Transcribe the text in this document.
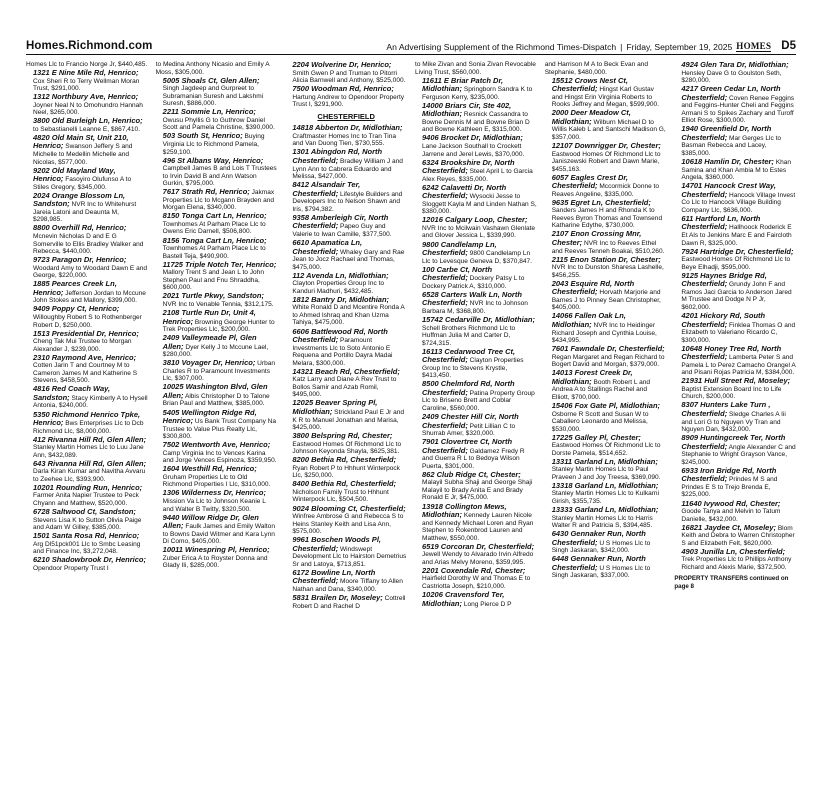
Homes.Richmond.com	An Advertising Supplement of the Richmond Times-Dispatch | Friday, September 19, 2025 HOMES D5
Homes Llc to Francio Norge Jr, $440,485.
1321 E Nine Mile Rd, Henrico; Cox Sheri R to Terry Wellman Moran Trust, $291,000.
1312 Northbury Ave, Henrico; Joyner Neal N to Omohundro Hannah Neel, $265,000.
3800 Old Burleigh Ln, Henrico; to Sebastianelli Leanne E, $867,410.
4820 Old Main St, Unit 210, Henrico; Swanson Jeffery S and Michelle to Medellin Michelle and Nicolas, $577,000.
9202 Old Mayland Way, Henrico; Fasoyiro Olufunso A to Stiles Gregory, $345,000.
2024 Orange Blossom Ln, Sandston; NVR Inc to Whitehurst Jareia Latoni and Deaunta M, $298,985.
8800 Overhill Rd, Henrico; Mcnevin Nicholas D and E G Somerville to Ellis Bradley Walker and Rebecca, $440,000.
9723 Paragon Dr, Henrico; Woodard Amy to Woodard Dawn E and George, $220,000.
1885 Pearces Creek Ln, Henrico; Jefferson Jordan to Mccune John Stokes and Mallory, $399,000.
9409 Poppy Ct, Henrico; Willoughby Robert S to Rothenberger Robert D, $250,000.
1513 Presidential Dr, Henrico; Cheng Tak Mui Trustee to Morgan Alexander J, $239,000.
2310 Raymond Ave, Henrico; Cotten Jarin T and Courtney M to Cameron James M and Katherine S Stevens, $458,500.
4816 Red Coach Way, Sandston; Stacy Kimberly A to Hysell Antonia, $240,000.
5350 Richmond Henrico Tpke, Henrico; Bws Enterprises Llc to Dcb Richmond Llc, $8,000,000.
412 Rivanna Hill Rd, Glen Allen; Stanley Martin Homes Llc to Luu Jane Ann, $432,089.
643 Rivanna Hill Rd, Glen Allen; Darla Kiran Kumar and Navitha Avvaru to Zeehee Llc, $393,900.
10201 Rounding Run, Henrico; Farmer Anita Napier Trustee to Peck Chyann and Matthew, $520,000.
6728 Saltwood Ct, Sandston; Stevens Lisa K to Sutton Olivia Paige and Adam W Gilley, $385,000.
1501 Santa Rosa Rd, Henrico; Arg Dl51pck001 Llc to Smbc Leasing and Finance Inc, $3,272,048.
6210 Shadowbrook Dr, Henrico; Opendoor Property Trust I
to Medina Anthony Nicasio and Emily A Moss, $305,000.
5005 Shoals Ct, Glen Allen; Singh Jagdeep and Gurpreet to Subramanian Suresh and Lakshmi Suresh, $886,000.
2211 Sommie Ln, Henrico; Owusu Phyllis G to Guthrow Daniel Scott and Pamela Christine, $390,000.
503 South St, Henrico; Buying Virginia Llc to Richmond Pamela, $259,100.
496 St Albans Way, Henrico; Campbell James B and Lois T Trustees to Irvin David B and Ann Watson Gurkin, $795,000.
7617 Strath Rd, Henrico; Jakmax Properties Llc to Mcgann Brayden and Morgan Elena, $340,000.
8150 Tonga Cart Ln, Henrico; Townhomes At Parham Place Llc to Owens Eric Darnell, $506,800.
8156 Tonga Cart Ln, Henrico; Townhomes At Parham Place Llc to Bastell Teja, $490,900.
11725 Triple Notch Ter, Henrico; Mallory Trent S and Jean L to John Stephen Paul and Fnu Shraddha, $600,000.
2021 Turtle Pkwy, Sandston; NVR Inc to Venable Tennia, $312,175.
2108 Turtle Run Dr, Unit 4, Henrico; Browning George Hunter to Trek Properties Llc, $200,000.
2409 Valleymeade Pl, Glen Allen; Dyer Kelly J to Mccune Lael, $280,000.
3810 Voyager Dr, Henrico; Urban Charles R to Paramount Investments Llc, $307,000.
10025 Washington Blvd, Glen Allen; Albis Christopher D to Talone Brian Paul and Matthew, $385,000.
5405 Wellington Ridge Rd, Henrico; Us Bank Trust Company Na Trustee to Value Plus Realty Llc, $300,800.
7502 Wentworth Ave, Henrico; Camp Virginia Inc to Vences Karina and Jorge Vences Espinoza, $359,950.
1604 Westhill Rd, Henrico; Gruham Properties Llc to Old Richmond Properties I Llc, $310,000.
1306 Wilderness Dr, Henrico; Mission Va Llc to Johnson Keanie L and Walter B Twitty, $320,500.
9440 Willow Ridge Dr, Glen Allen; Faulk James and Emily Walton to Bowns David Witmer and Kara Lynn Di Como, $405,000.
10011 Winespring Pl, Henrico; Zuber Erica A to Royster Donna and Glady Ili, $285,000.
2204 Wolverine Dr, Henrico; Smith Gwen P and Truman to Pitorri Alicia Barnwell and Anthony, $525,000.
7500 Woodman Rd, Henrico; Hartung Andrew to Opendoor Property Trust I, $291,900.
CHESTERFIELD
14818 Abberton Dr, Midlothian; Craftmaster Homes Inc to Tran Tina and Van Duong Tien, $730,555.
1301 Abingdon Rd, North Chesterfield; Bradley William J and Lynn Ann to Cabrera Eduardo and Melissa, $427,000.
8412 Alsandair Ter, Chesterfield; Lifestyle Builders and Developers Inc to Nelson Shawn and Iris, $794,382.
9358 Amberleigh Cir, North Chesterfield; Papeo Guy and Valerie to Iwan Camille, $377,500.
6610 Apamatica Ln, Chesterfield; Whaley Gary and Rae Jean to Jocz Rachael and Thomas, $475,000.
112 Avenda Ln, Midlothian; Clayton Properties Group Inc to Kanduri Madhuri, $432,485.
1812 Bantry Dr, Midlothian; White Ronald D and Mcentire Ronda A to Ahmed Ishraq and Khan Uzma Tahiya, $475,000.
6606 Battlewood Rd, North Chesterfield; Paramount Investments Llc to Soto Antonio E Requena and Portillo Dayra Madai Melara, $300,000.
14321 Beach Rd, Chesterfield; Katz Larry and Diane A Rev Trust to Bollos Samir and Azab Romil, $495,000.
12025 Beaver Spring Pl, Midlothian; Strickland Paul E Jr and K R to Manuel Jonathan and Marisa, $425,000.
3800 Belspring Rd, Chester; Eastwood Homes Of Richmond Llc to Johnson Keyonda Shayla, $625,381.
8200 Bethia Rd, Chesterfield; Ryan Robert P to Hhhunt Winterpock Llc, $250,000.
8400 Bethia Rd, Chesterfield; Nicholson Family Trust to Hhhunt Winterpock Llc, $504,500.
9024 Blooming Ct, Chesterfield; Winfree Ambrose G and Rebecca S to Heins Stanley Keith and Lisa Ann, $575,000.
9961 Boschen Woods Pl, Chesterfield; Windswept Development Llc to Hairston Demetrius Sr and Latoya, $713,851.
6172 Bowline Ln, North Chesterfield; Moore Tiffany to Allen Nathan and Dana, $340,000.
5831 Brailen Dr, Moseley; Cottrell Robert D and Rachel D
to Mike Zivan and Sonia Zivan Revocable Living Trust, $560,000.
11611 E Briar Patch Dr, Midlothian; Springborn Sandra K to Ferguson Kerry, $235,000.
14000 Briars Cir, Ste 402, Midlothian; Resnick Cassandra to Bowne Dennis M and Bowne Brian D and Bowne Kathleen E, $315,000.
9406 Brocket Dr, Midlothian; Lane Jackson Southall to Crockett Jarrene and Jerel Lewis, $370,000.
6324 Brookshire Dr, North Chesterfield; Steel April L to Garcia Alex Reyes, $335,000.
6242 Calavetti Dr, North Chesterfield; Wysocki Jesse to Sloggett Kayla M and Linden Nathan S, $380,000.
12016 Calgary Loop, Chester; NVR Inc to Mcilwain Vashawn Glenlate and Glover Jessica L, $339,990.
9800 Candlelamp Ln, Chesterfield; 9800 Candlelamp Ln Llc to Levesque Geneva D, $370,847.
100 Carbe Ct, North Chesterfield; Dockery Patsy L to Dockery Patrick A, $310,000.
6528 Carters Walk Ln, North Chesterfield; NVR Inc to Johnson Barbara M, $368,800.
15742 Cedarville Dr, Midlothian; Schell Brothers Richmond Llc to Huffman Julia M and Carter D, $724,315.
16113 Cedarwood Tree Ct, Chesterfield; Clayton Properties Group Inc to Stevens Krystle, $413,450.
8500 Chelmford Rd, North Chesterfield; Patina Property Group Llc to Briseno Brett and Coblar Caroline, $560,000.
2409 Chester Hill Cir, North Chesterfield; Petit Lillian C to Shurrab Amer, $320,000.
7901 Clovertree Ct, North Chesterfield; Galdamez Fredy R and Guerra R L to Bedoya Wilson Puerta, $301,000.
862 Club Ridge Ct, Chester; Malayil Subha Shaji and George Shaji Malayil to Brady Anita E and Brady Ronald E Jr, $475,000.
13918 Collington Mews, Midlothian; Kennedy Lauren Nicole and Kennedy Michael Loren and Ryan Stephen to Rokenbrod Lauren and Matthew, $550,000.
6519 Corcoran Dr, Chesterfield; Jewell Wendy to Alvarado Irvin Alfredo and Arias Melvy Moreno, $359,995.
2201 Coxendale Rd, Chester; Hairfield Dorothy W and Thomas E to Castriotta Joseph, $210,000.
10206 Cravensford Ter, Midlothian; Long Pierce D P
and Harrison M A to Beck Evan and Stephanie, $480,000.
15512 Crows Nest Ct, Chesterfield; Hingst Karl Gustav and Hingst Erin Virginia Roberts to Rooks Jeffrey and Megan, $599,900.
2000 Deer Meadow Ct, Midlothian; Wilburn Michael D to Willis Kaleb L and Santschi Madison G, $357,000.
12107 Downrigger Dr, Chester; Eastwood Homes Of Richmond Llc to Janiszewski Robert and Dawn Marie, $455,163.
6057 Eagles Crest Dr, Chesterfield; Mccormick Donne to Reaves Angeline, $335,000.
9635 Egret Ln, Chesterfield; Sanders James H and Rhonda K to Reeves Byron Thomas and Townsend Katharine Edythe, $730,000.
2107 Enon Crossing Mnr, Chester; NVR Inc to Reeves Ethel and Reeves Tenneh Boakai, $510,260.
2115 Enon Station Dr, Chester; NVR Inc to Dunston Sharesa Lashelle, $456,255.
2043 Esquire Rd, North Chesterfield; Horvath Marjorie and Barnes J to Pinney Sean Christopher, $405,000.
14066 Fallen Oak Ln, Midlothian; NVR Inc to Heidinger Richard Joseph and Cynthia Louise, $434,995.
7601 Fawndale Dr, Chesterfield; Regan Margaret and Regan Richard to Bogert David and Morgan, $379,000.
14013 Forest Creek Dr, Midlothian; Booth Robert L and Andrea A to Stallings Rachel and Elliott, $700,000.
15406 Fox Gate Pl, Midlothian; Osborne R Scott and Susan W to Caballero Leonardo and Melissa, $530,000.
17225 Galley Pl, Chester; Eastwood Homes Of Richmond Llc to Dorste Pamela, $514,652.
13311 Garland Ln, Midlothian; Stanley Martin Homes Llc to Paul Praveen J and Joy Treesa, $369,090.
13318 Garland Ln, Midlothian; Stanley Martin Homes Llc to Kulkarni Girish, $355,735.
13333 Garland Ln, Midlothian; Stanley Martin Homes Llc to Harris Walter R and Patricia S, $394,485.
6430 Gennaker Run, North Chesterfield; U S Homes Llc to Singh Jaskaran, $342,000.
6448 Gennaker Run, North Chesterfield; U S Homes Llc to Singh Jaskaran, $337,000.
4924 Glen Tara Dr, Midlothian; Hensley Dave G to Goulston Seth, $280,000.
4217 Green Cedar Ln, North Chesterfield; Coven Renee Feggins and Feggins-Hunter Cheli and Feggins Armani S to Spikes Zachary and Turoff Elliot Rose, $300,000.
1940 Greenfield Dr, North Chesterfield; Mar Gerges Llc to Basman Rebecca and Lacey, $385,000.
10618 Hamlin Dr, Chester; Khan Samina and Khan Ambia M to Estes Angela, $360,000.
14701 Hancock Crest Way, Chesterfield; Hancock Village Invest Co Llc to Hancock Village Building Company Llc, $636,000.
611 Hartford Ln, North Chesterfield; Hallhoock Roderick E Et Als to Jenkins Marc E and Faircloth Dawn R, $325,000.
7924 Hartridge Dr, Chesterfield; Eastwood Homes Of Richmond Llc to Beye Elhadji, $595,000.
9125 Haynes Bridge Rd, Chesterfield; Grundy John F and Ramos Jaci Garcia to Anderson Jared M Trustee and Dodge N P Jr, $602,000.
4201 Hickory Rd, South Chesterfield; Finklea Thomas O and Elizabeth to Valeriano Ricardo C, $300,000.
10648 Honey Tree Rd, North Chesterfield; Lamberta Peter S and Pamela L to Perez Camacho Orangel A and Pisani Rojas Patricia M, $384,000.
21931 Hull Street Rd, Moseley; Baptist Extension Board Inc to Life Church, $200,000.
8307 Hunters Lake Turn , Chesterfield; Sledge Charles A Iii and Lori G to Nguyen Vy Tran and Nguyen Dan, $432,000.
8909 Huntingcreek Ter, North Chesterfield; Angle Alexander C and Stephanie to Wright Grayson Vance, $245,000.
6933 Iron Bridge Rd, North Chesterfield; Prindes M S and Prindes E S to Trejo Brenda E, $225,000.
11640 Ivywood Rd, Chester; Goode Tanya and Melvin to Tatum Danielle, $432,000.
16821 Jaydee Ct, Moseley; Blom Keith and Debra to Warren Christopher S and Elizabeth Felt, $620,000.
4903 Junilla Ln, Chesterfield; Trek Properties Llc to Phillips Anthony Richard and Alexis Marie, $372,500.
PROPERTY TRANSFERS continued on page 8
